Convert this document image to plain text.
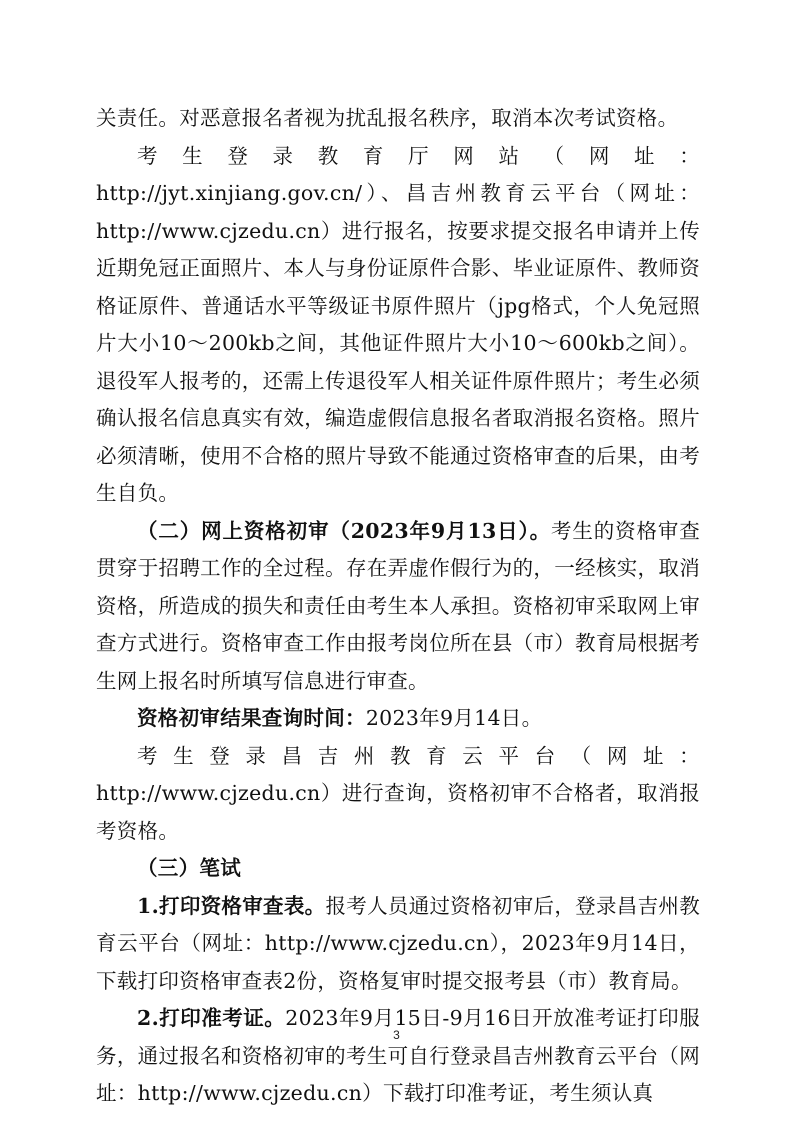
关责任。对恶意报名者视为扰乱报名秩序，取消本次考试资格。

考生登录教育厅网站（网址：http://jyt.xinjiang.gov.cn/）、昌吉州教育云平台（网址：http://www.cjzedu.cn）进行报名，按要求提交报名申请并上传近期免冠正面照片、本人与身份证原件合影、毕业证原件、教师资格证原件、普通话水平等级证书原件照片（jpg格式，个人免冠照片大小10～200kb之间，其他证件照片大小10～600kb之间）。退役军人报考的，还需上传退役军人相关证件原件照片；考生必须确认报名信息真实有效，编造虚假信息报名者取消报名资格。照片必须清晰，使用不合格的照片导致不能通过资格审查的后果，由考生自负。

（二）网上资格初审（2023年9月13日）。考生的资格审查贯穿于招聘工作的全过程。存在弄虚作假行为的，一经核实，取消资格，所造成的损失和责任由考生本人承担。资格初审采取网上审查方式进行。资格审查工作由报考岗位所在县（市）教育局根据考生网上报名时所填写信息进行审查。

资格初审结果查询时间：2023年9月14日。

考生登录昌吉州教育云平台（网址：http://www.cjzedu.cn）进行查询，资格初审不合格者，取消报考资格。

（三）笔试

1.打印资格审查表。报考人员通过资格初审后，登录昌吉州教育云平台（网址：http://www.cjzedu.cn），2023年9月14日，下载打印资格审查表2份，资格复审时提交报考县（市）教育局。

2.打印准考证。2023年9月15日-9月16日开放准考证打印服务，通过报名和资格初审的考生可自行登录昌吉州教育云平台（网址：http://www.cjzedu.cn）下载打印准考证，考生须认真

3
